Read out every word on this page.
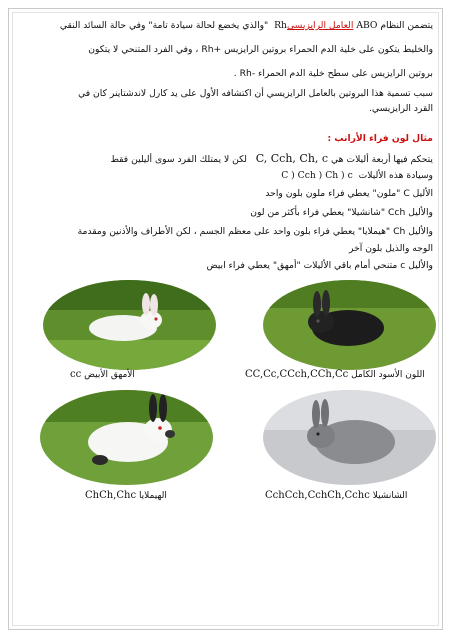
يتضمن النظام ABO العامل الرايزيسي Rh "والذي يخضع لحالة سيادة تامة" وفي حالة السائد النقي
والخليط يتكون على خلية الدم الحمراء بروتين الرايزيس +Rh ، وفي الفرد المتنحي لا يتكون
بروتين الرايزيس على سطح خلية الدم الحمراء -Rh .
سبب تسمية هذا البروتين بالعامل الرايزيسي أن اكتشافه الأول على يد كارل لاندشتاينر كان في
القرد الرايزيسي.
مثال لون فراء الأرانب :
يتحكم فيها أربعة أليلات هي C, Cch, Ch, c   لكن لا يمتلك الفرد سوى أليلين فقط
وسيادة هذه الأليلات  C ) Cch ) Ch ) c
الأليل C "ملون" يعطي فراء ملون بلون واحد
والأليل Cch "شانشيلا" يعطي فراء بأكثر من لون
والأليل Ch "هيملايا" يعطي فراء بلون واحد على معظم الجسم ، لكن الأطراف والأذنين ومقدمة
الوجه والذيل بلون آخر
والأليل c متنحي أمام باقي الأليلات "أمهق" يعطي فراء ابيض
cc الأمهق الأبيض	CC,Cc,CCch,CCh,Cc اللون الأسود الكامل
ChCh,Chc الهيملايا	CchCch,CchCh,Cchc الشانشيلا
